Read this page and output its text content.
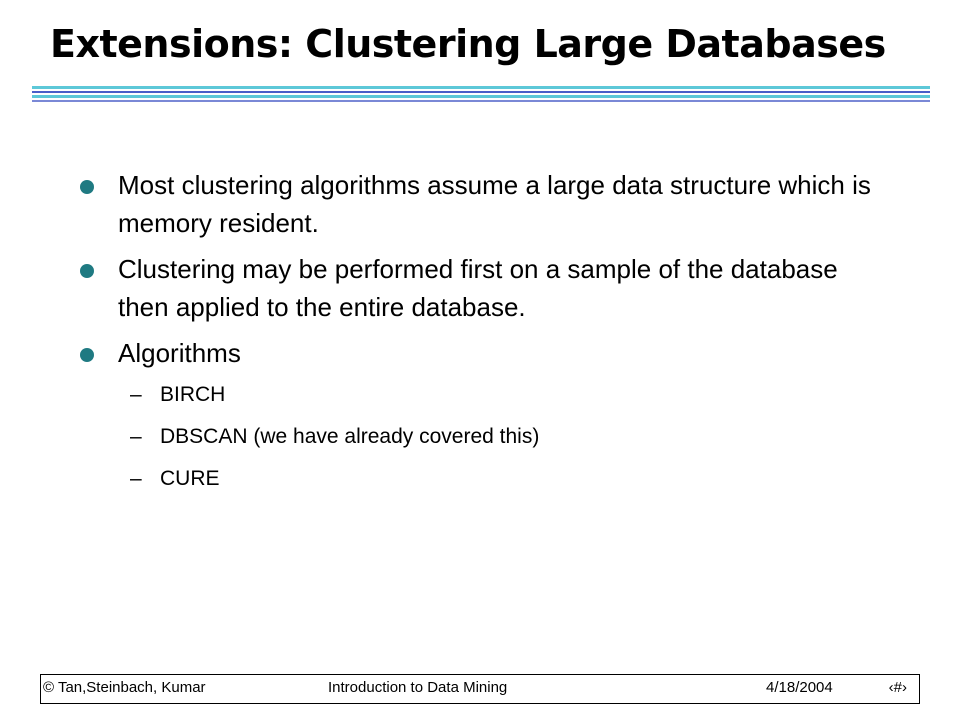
Extensions: Clustering Large Databases
Most clustering algorithms assume a large data structure which is memory resident.
Clustering may be performed first on a sample of the database then applied to the entire database.
Algorithms
– BIRCH
– DBSCAN (we have already covered this)
– CURE
© Tan,Steinbach, Kumar	Introduction to Data Mining	4/18/2004	‹#›
